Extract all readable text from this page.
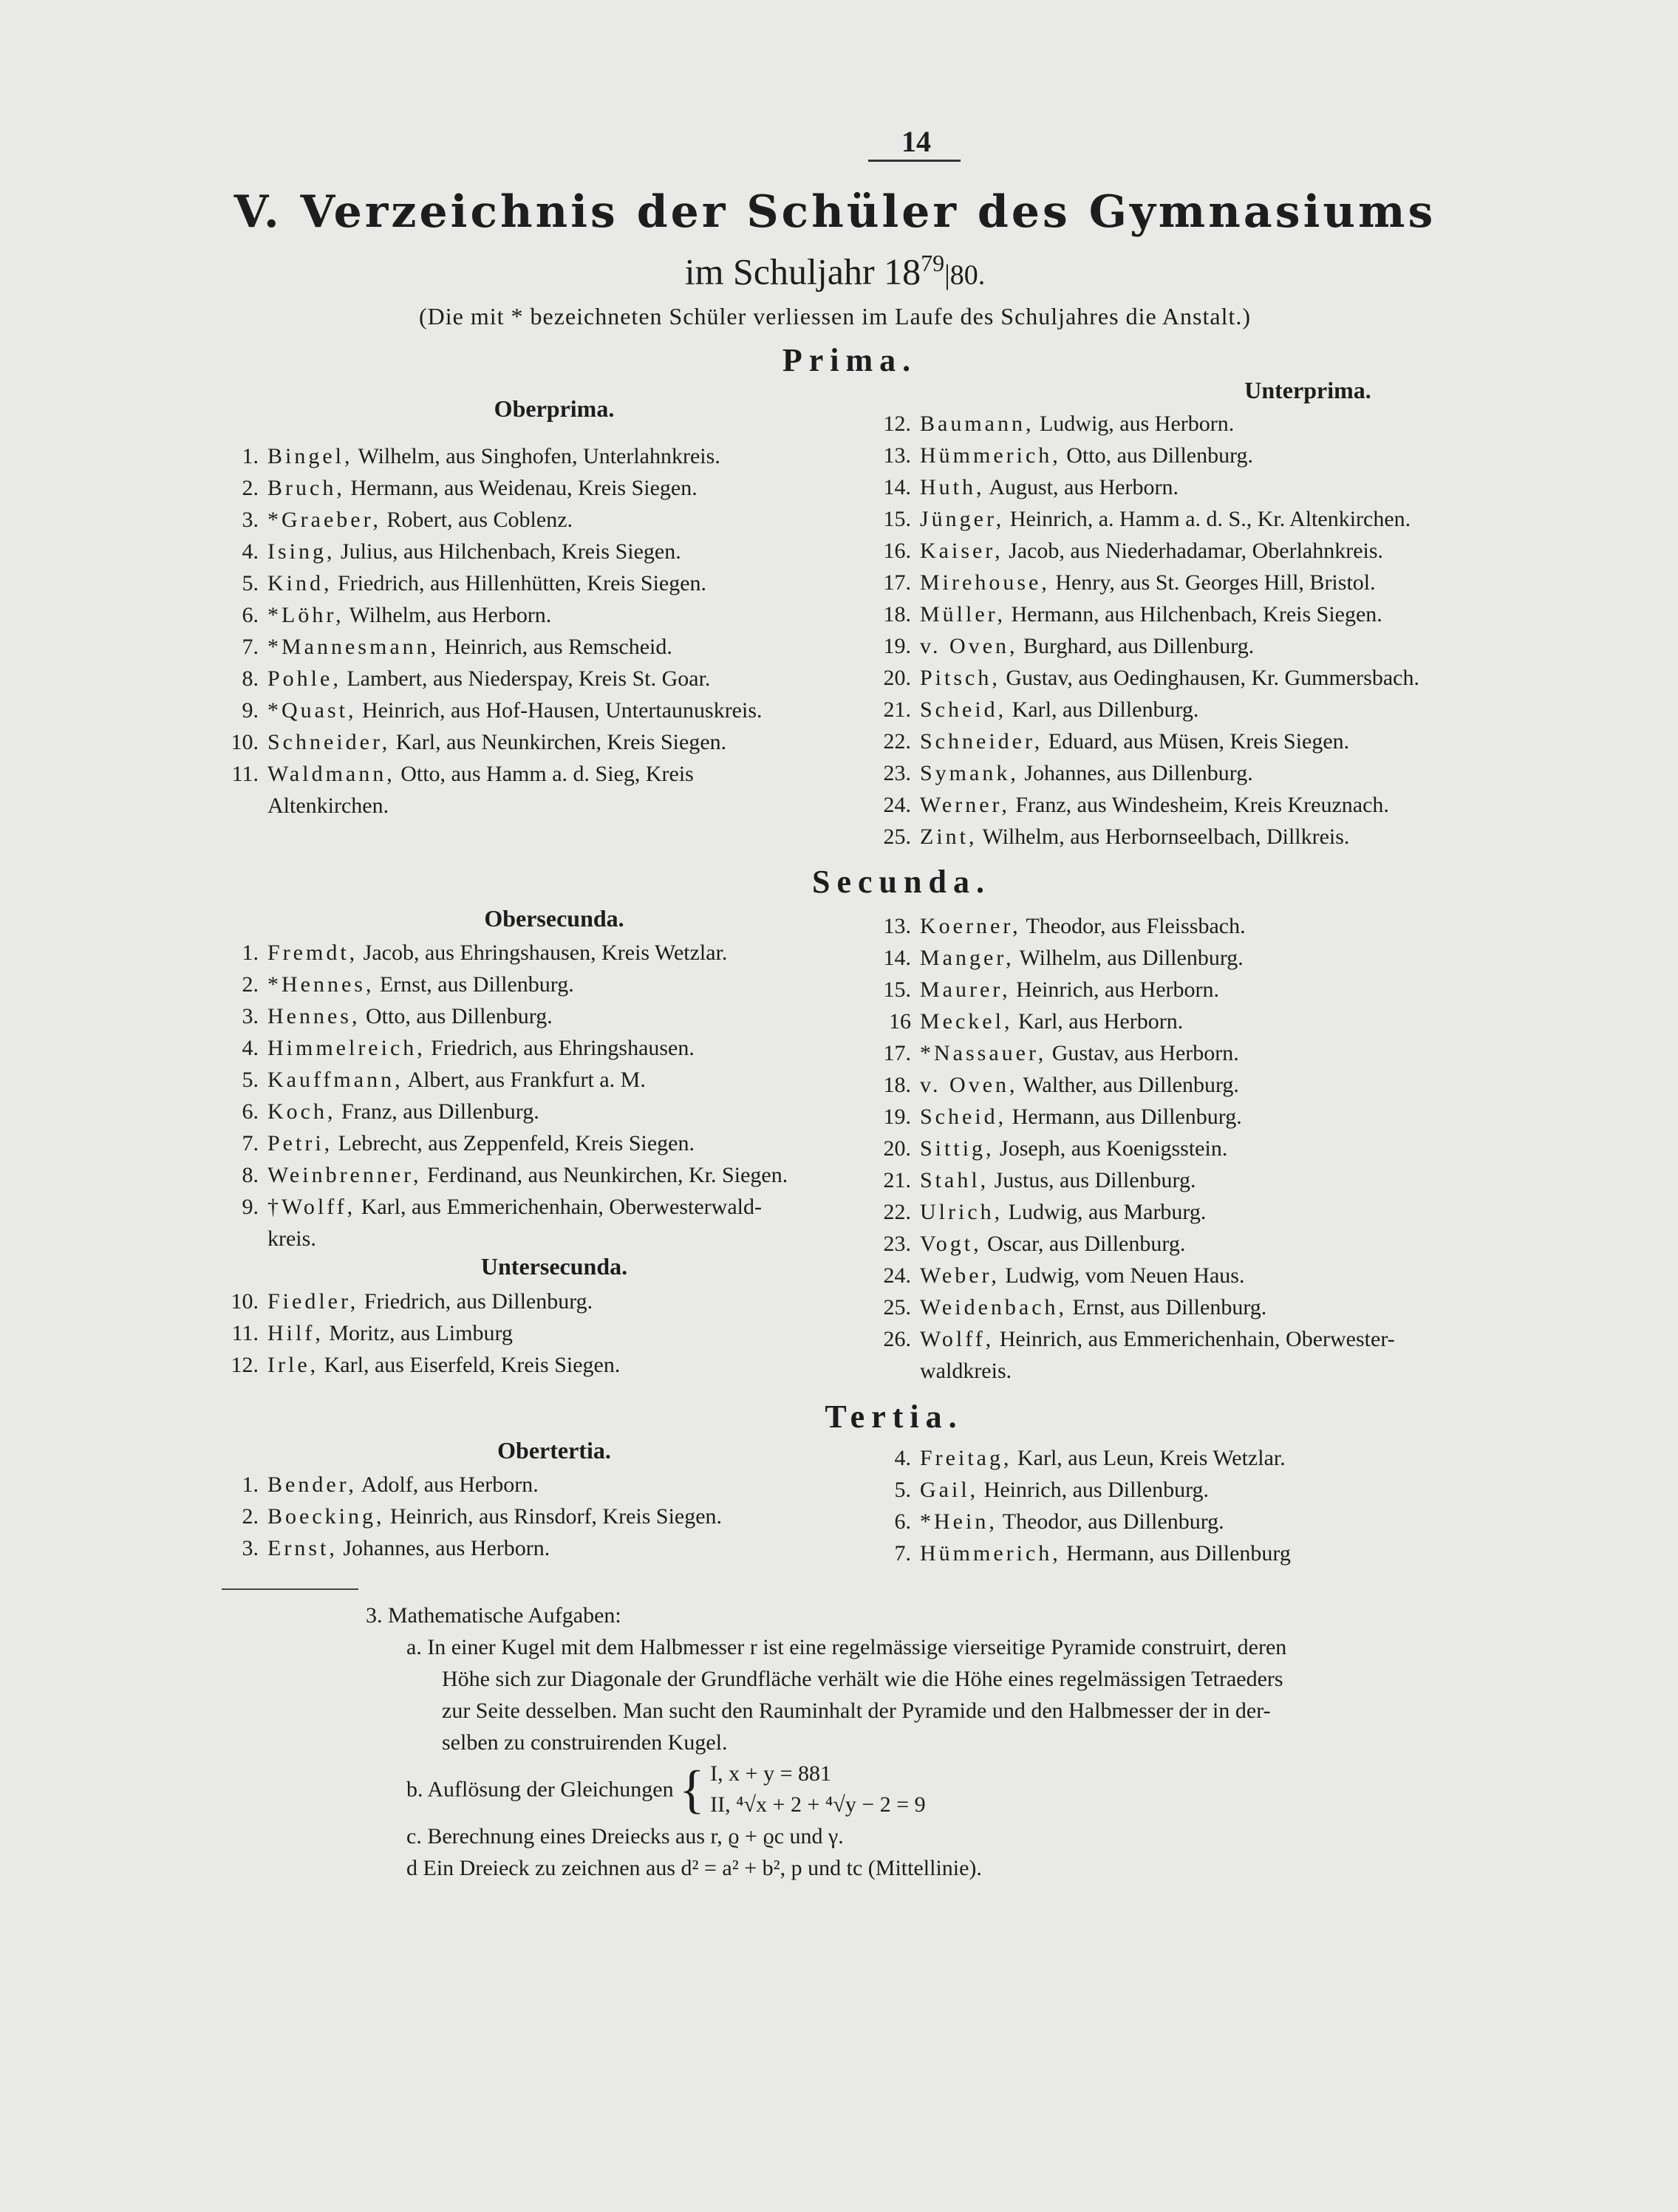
14
V. Verzeichnis der Schüler des Gymnasiums
im Schuljahr $18^{79}|80$.
(Die mit * bezeichneten Schüler verliessen im Laufe des Schuljahres die Anstalt.)
Prima.
Oberprima.
1. Bingel, Wilhelm, aus Singhofen, Unterlahnkreis.
2. Bruch, Hermann, aus Weidenau, Kreis Siegen.
3. *Graeber, Robert, aus Coblenz.
4. Ising, Julius, aus Hilchenbach, Kreis Siegen.
5. Kind, Friedrich, aus Hillenhütten, Kreis Siegen.
6. *Löhr, Wilhelm, aus Herborn.
7. *Mannesmann, Heinrich, aus Remscheid.
8. Pohle, Lambert, aus Niederspay, Kreis St. Goar.
9. *Quast, Heinrich, aus Hof-Hausen, Untertaunuskreis.
10. Schneider, Karl, aus Neunkirchen, Kreis Siegen.
11. Waldmann, Otto, aus Hamm a. d. Sieg, Kreis
Altenkirchen.
Unterprima.
12. Baumann, Ludwig, aus Herborn.
13. Hümmerich, Otto, aus Dillenburg.
14. Huth, August, aus Herborn.
15. Jünger, Heinrich, a. Hamm a. d. S., Kr. Altenkirchen.
16. Kaiser, Jacob, aus Niederhadamar, Oberlahnkreis.
17. Mirehouse, Henry, aus St. Georges Hill, Bristol.
18. Müller, Hermann, aus Hilchenbach, Kreis Siegen.
19. v. Oven, Burghard, aus Dillenburg.
20. Pitsch, Gustav, aus Oedinghausen, Kr. Gummersbach.
21. Scheid, Karl, aus Dillenburg.
22. Schneider, Eduard, aus Müsen, Kreis Siegen.
23. Symank, Johannes, aus Dillenburg.
24. Werner, Franz, aus Windesheim, Kreis Kreuznach.
25. Zint, Wilhelm, aus Herbornseelbach, Dillkreis.
Secunda.
Obersecunda.
1. Fremdt, Jacob, aus Ehringshausen, Kreis Wetzlar.
2. *Hennes, Ernst, aus Dillenburg.
3. Hennes, Otto, aus Dillenburg.
4. Himmelreich, Friedrich, aus Ehringshausen.
5. Kauffmann, Albert, aus Frankfurt a. M.
6. Koch, Franz, aus Dillenburg.
7. Petri, Lebrecht, aus Zeppenfeld, Kreis Siegen.
8. Weinbrenner, Ferdinand, aus Neunkirchen, Kr. Siegen.
9. †Wolff, Karl, aus Emmerichenhain, Oberwesterwald-
kreis.
Untersecunda.
10. Fiedler, Friedrich, aus Dillenburg.
11. Hilf, Moritz, aus Limburg
12. Irle, Karl, aus Eiserfeld, Kreis Siegen.
13. Koerner, Theodor, aus Fleissbach.
14. Manger, Wilhelm, aus Dillenburg.
15. Maurer, Heinrich, aus Herborn.
16 Meckel, Karl, aus Herborn.
17. *Nassauer, Gustav, aus Herborn.
18. v. Oven, Walther, aus Dillenburg.
19. Scheid, Hermann, aus Dillenburg.
20. Sittig, Joseph, aus Koenigsstein.
21. Stahl, Justus, aus Dillenburg.
22. Ulrich, Ludwig, aus Marburg.
23. Vogt, Oscar, aus Dillenburg.
24. Weber, Ludwig, vom Neuen Haus.
25. Weidenbach, Ernst, aus Dillenburg.
26. Wolff, Heinrich, aus Emmerichenhain, Oberwester-
waldkreis.
Tertia.
Obertertia.
1. Bender, Adolf, aus Herborn.
2. Boecking, Heinrich, aus Rinsdorf, Kreis Siegen.
3. Ernst, Johannes, aus Herborn.
4. Freitag, Karl, aus Leun, Kreis Wetzlar.
5. Gail, Heinrich, aus Dillenburg.
6. *Hein, Theodor, aus Dillenburg.
7. Hümmerich, Hermann, aus Dillenburg
3. Mathematische Aufgaben:
a. In einer Kugel mit dem Halbmesser r ist eine regelmässige vierseitige Pyramide construirt, deren
Höhe sich zur Diagonale der Grundfläche verhält wie die Höhe eines regelmässigen Tetraeders
zur Seite desselben. Man sucht den Rauminhalt der Pyramide und den Halbmesser der in der-
selben zu construirenden Kugel.
b. Auflösung der Gleichungen { I, x + y = 881
II, ⁴√x + 2 + ⁴√y − 2 = 9
c. Berechnung eines Dreiecks aus r, ϱ + ϱc und γ.
d Ein Dreieck zu zeichnen aus d² = a² + b², p und tc (Mittellinie).
